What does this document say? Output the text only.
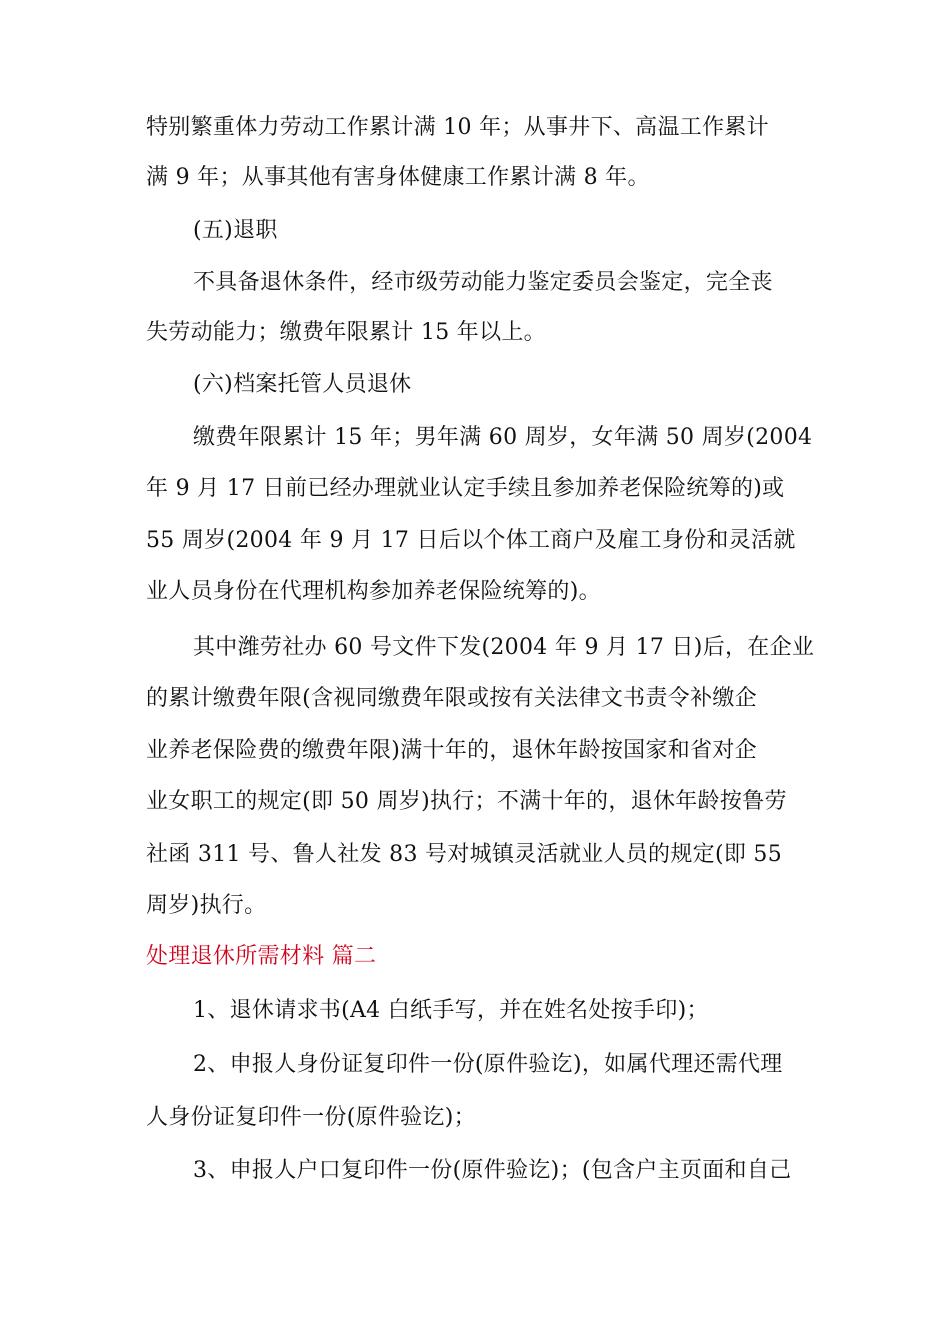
特别繁重体力劳动工作累计满 10 年；从事井下、高温工作累计
满 9 年；从事其他有害身体健康工作累计满 8 年。
(五)退职
不具备退休条件，经市级劳动能力鉴定委员会鉴定，完全丧
失劳动能力；缴费年限累计 15 年以上。
(六)档案托管人员退休
缴费年限累计 15 年；男年满 60 周岁，女年满 50 周岁(2004
年 9 月 17 日前已经办理就业认定手续且参加养老保险统筹的)或
55 周岁(2004 年 9 月 17 日后以个体工商户及雇工身份和灵活就
业人员身份在代理机构参加养老保险统筹的)。
其中潍劳社办 60 号文件下发(2004 年 9 月 17 日)后，在企业
的累计缴费年限(含视同缴费年限或按有关法律文书责令补缴企
业养老保险费的缴费年限)满十年的，退休年龄按国家和省对企
业女职工的规定(即 50 周岁)执行；不满十年的，退休年龄按鲁劳
社函 311 号、鲁人社发 83 号对城镇灵活就业人员的规定(即 55
周岁)执行。
处理退休所需材料 篇二
1、退休请求书(A4 白纸手写，并在姓名处按手印)；
2、申报人身份证复印件一份(原件验讫)，如属代理还需代理
人身份证复印件一份(原件验讫)；
3、申报人户口复印件一份(原件验讫)；(包含户主页面和自己
